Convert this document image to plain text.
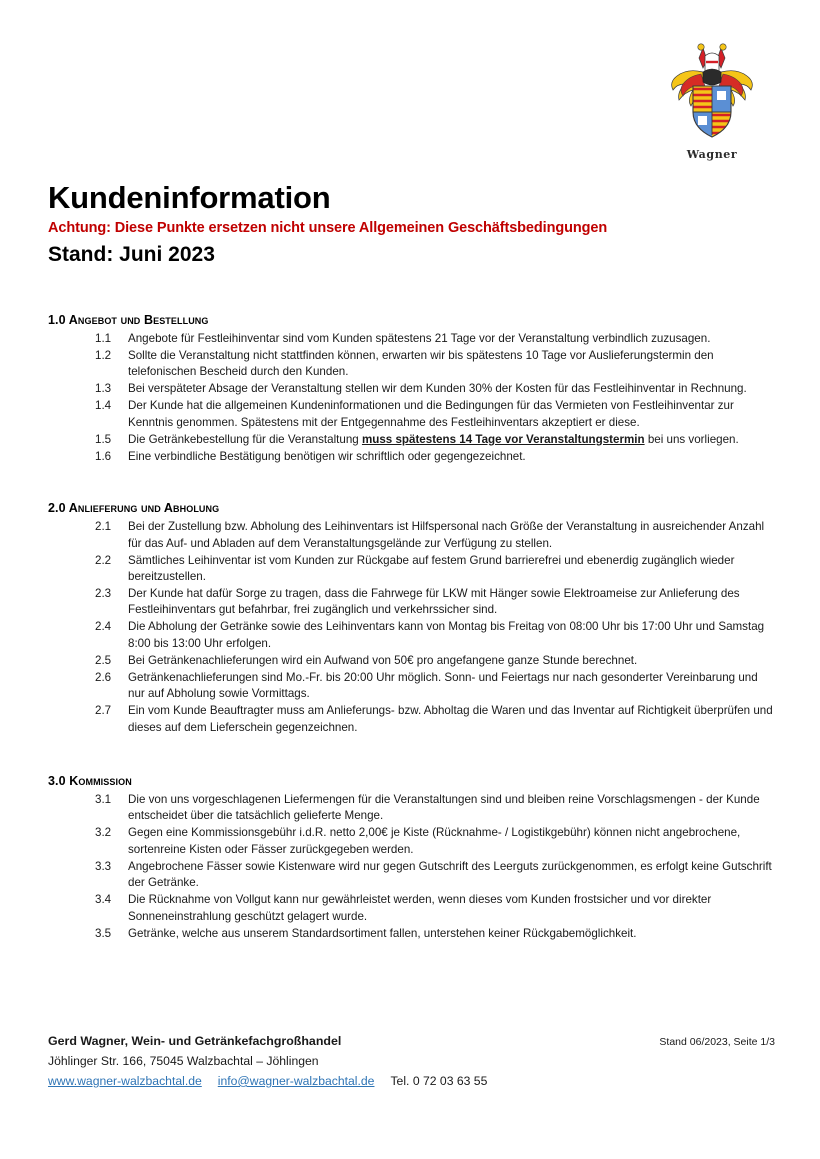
Wagner
Kundeninformation

Achtung: Diese Punkte ersetzen nicht unsere Allgemeinen Geschäftsbedingungen

Stand: Juni 2023

1.0 Angebot und Bestellung
1.1	Angebote für Festleihinventar sind vom Kunden spätestens 21 Tage vor der Veranstaltung verbindlich zuzusagen.
1.2	Sollte die Veranstaltung nicht stattfinden können, erwarten wir bis spätestens 10 Tage vor Auslieferungstermin den telefonischen Bescheid durch den Kunden.
1.3	Bei verspäteter Absage der Veranstaltung stellen wir dem Kunden 30% der Kosten für das Festleihinventar in Rechnung.
1.4	Der Kunde hat die allgemeinen Kundeninformationen und die Bedingungen für das Vermieten von Festleihinventar zur Kenntnis genommen. Spätestens mit der Entgegennahme des Festleihinventars akzeptiert er diese.
1.5	Die Getränkebestellung für die Veranstaltung muss spätestens 14 Tage vor Veranstaltungstermin bei uns vorliegen.
1.6	Eine verbindliche Bestätigung benötigen wir schriftlich oder gegengezeichnet.
2.0 Anlieferung und Abholung
2.1	Bei der Zustellung bzw. Abholung des Leihinventars ist Hilfspersonal nach Größe der Veranstaltung in ausreichender Anzahl für das Auf- und Abladen auf dem Veranstaltungsgelände zur Verfügung zu stellen.
2.2	Sämtliches Leihinventar ist vom Kunden zur Rückgabe auf festem Grund barrierefrei und ebenerdig zugänglich wieder bereitzustellen.
2.3	Der Kunde hat dafür Sorge zu tragen, dass die Fahrwege für LKW mit Hänger sowie Elektroameise zur Anlieferung des Festleihinventars gut befahrbar, frei zugänglich und verkehrssicher sind.
2.4	Die Abholung der Getränke sowie des Leihinventars kann von Montag bis Freitag von 08:00 Uhr bis 17:00 Uhr und Samstag 8:00 bis 13:00 Uhr erfolgen.
2.5	Bei Getränkenachlieferungen wird ein Aufwand von 50€ pro angefangene ganze Stunde berechnet.
2.6	Getränkenachlieferungen sind Mo.-Fr. bis 20:00 Uhr möglich. Sonn- und Feiertags nur nach gesonderter Vereinbarung und nur auf Abholung sowie Vormittags.
2.7	Ein vom Kunde Beauftragter muss am Anlieferungs- bzw. Abholtag die Waren und das Inventar auf Richtigkeit überprüfen und dieses auf dem Lieferschein gegenzeichnen.
3.0 Kommission
3.1	Die von uns vorgeschlagenen Liefermengen für die Veranstaltungen sind und bleiben reine Vorschlagsmengen - der Kunde entscheidet über die tatsächlich gelieferte Menge.
3.2	Gegen eine Kommissionsgebühr i.d.R. netto 2,00€ je Kiste (Rücknahme- / Logistikgebühr) können nicht angebrochene, sortenreine Kisten oder Fässer zurückgegeben werden.
3.3	Angebrochene Fässer sowie Kistenware wird nur gegen Gutschrift des Leerguts zurückgenommen, es erfolgt keine Gutschrift der Getränke.
3.4	Die Rücknahme von Vollgut kann nur gewährleistet werden, wenn dieses vom Kunden frostsicher und vor direkter Sonneneinstrahlung geschützt gelagert wurde.
3.5	Getränke, welche aus unserem Standardsortiment fallen, unterstehen keiner Rückgabemöglichkeit.
Gerd Wagner, Wein- und Getränkefachgroßhandel	Stand 06/2023, Seite 1/3
Jöhlinger Str. 166, 75045 Walzbachtal – Jöhlingen
www.wagner-walzbachtal.de info@wagner-walzbachtal.de Tel. 0 72 03 63 55
